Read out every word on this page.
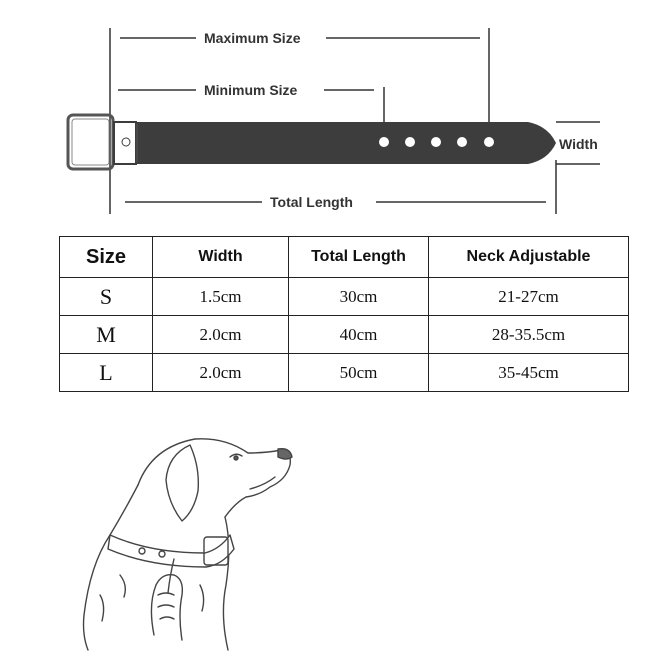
Maximum Size
Minimum Size
Total Length
Width
Size	Width	Total Length	Neck Adjustable
S	1.5cm	30cm	21-27cm
M	2.0cm	40cm	28-35.5cm
L	2.0cm	50cm	35-45cm
